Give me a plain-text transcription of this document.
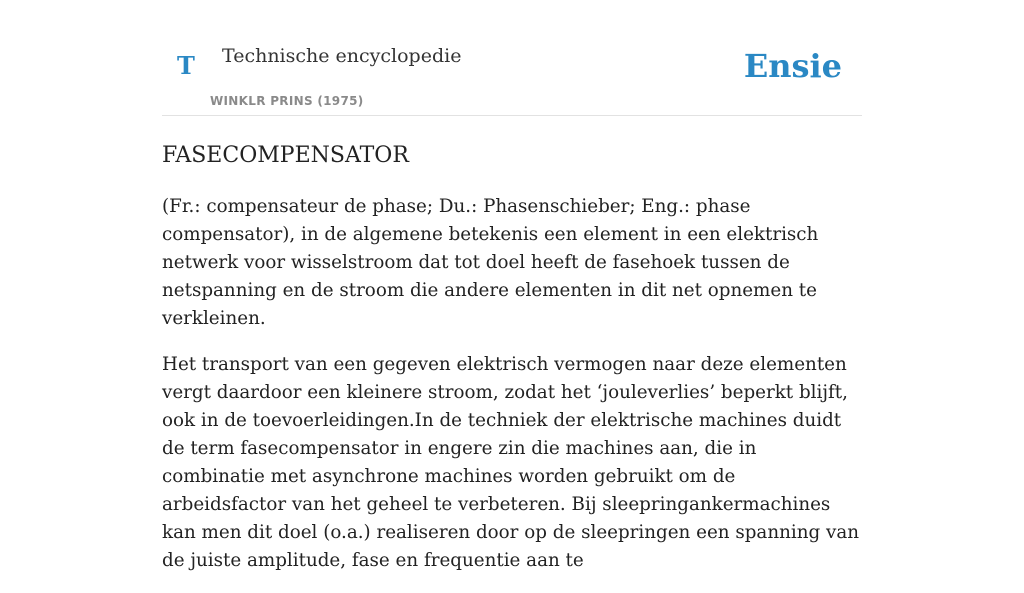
T Technische encyclopedie
WINKLR PRINS (1975)
Ensie
FASECOMPENSATOR

(Fr.: compensateur de phase; Du.: Phasenschieber; Eng.: phase compensator), in de algemene betekenis een element in een elektrisch netwerk voor wisselstroom dat tot doel heeft de fasehoek tussen de netspanning en de stroom die andere elementen in dit net opnemen te verkleinen.

Het transport van een gegeven elektrisch vermogen naar deze elementen vergt daardoor een kleinere stroom, zodat het ‘jouleverlies’ beperkt blijft, ook in de toevoerleidingen.In de techniek der elektrische machines duidt de term fasecompensator in engere zin die machines aan, die in combinatie met asynchrone machines worden gebruikt om de arbeidsfactor van het geheel te verbeteren. Bij sleepringankermachines kan men dit doel (o.a.) realiseren door op de sleepringen een spanning van de juiste amplitude, fase en frequentie aan te
